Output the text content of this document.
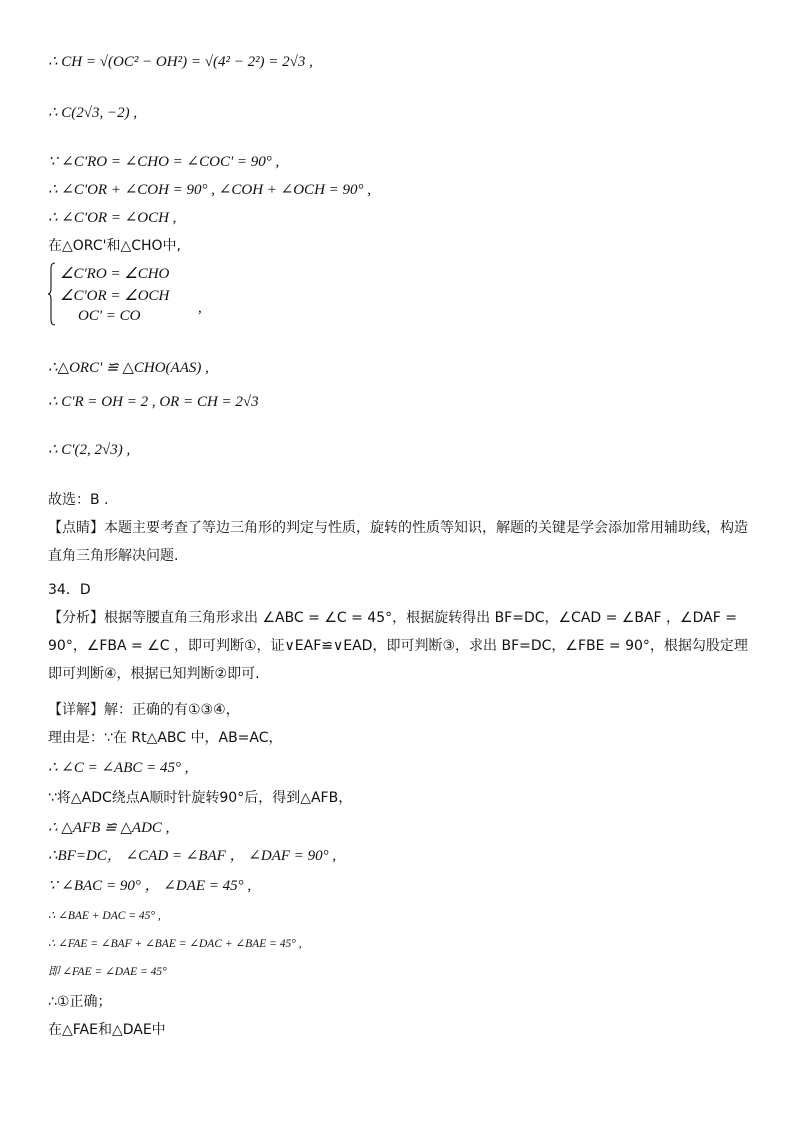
∴ CH = √(OC² − OH²) = √(4² − 2²) = 2√3 ,
∴ C(2√3, −2) ,
∵ ∠C'RO = ∠CHO = ∠COC' = 90° ,
∴ ∠C'OR + ∠COH = 90° , ∠COH + ∠OCH = 90° ,
∴ ∠C'OR = ∠OCH ,
在△ORC'和△CHO中,
∠C'RO = ∠CHO
∠C'OR = ∠OCH
OC' = CO	,
∴△ORC' ≌ △CHO(AAS) ,
∴ C'R = OH = 2 , OR = CH = 2√3
∴ C'(2, 2√3) ,
故选：B .
【点睛】本题主要考查了等边三角形的判定与性质，旋转的性质等知识，解题的关键是学会添加常用辅助线，构造直角三角形解决问题.
34．D
【分析】根据等腰直角三角形求出 ∠ABC = ∠C = 45°，根据旋转得出 BF=DC，∠CAD = ∠BAF ，∠DAF = 90°，∠FBA = ∠C ，即可判断①，证∨EAF≌∨EAD，即可判断③，求出 BF=DC，∠FBE = 90°，根据勾股定理即可判断④，根据已知判断②即可.
【详解】解：正确的有①③④，
理由是：∵在 Rt△ABC 中，AB=AC，
∴ ∠C = ∠ABC = 45° ,
∵将△ADC绕点A顺时针旋转90°后，得到△AFB，
∴ △AFB ≌ △ADC ,
∴BF=DC， ∠CAD = ∠BAF ， ∠DAF = 90° ,
∵ ∠BAC = 90° ， ∠DAE = 45° ,
∴ ∠BAE + DAC = 45° ,
∴ ∠FAE = ∠BAF + ∠BAE = ∠DAC + ∠BAE = 45° ,
即 ∠FAE = ∠DAE = 45°
∴①正确；
在△FAE和△DAE中
